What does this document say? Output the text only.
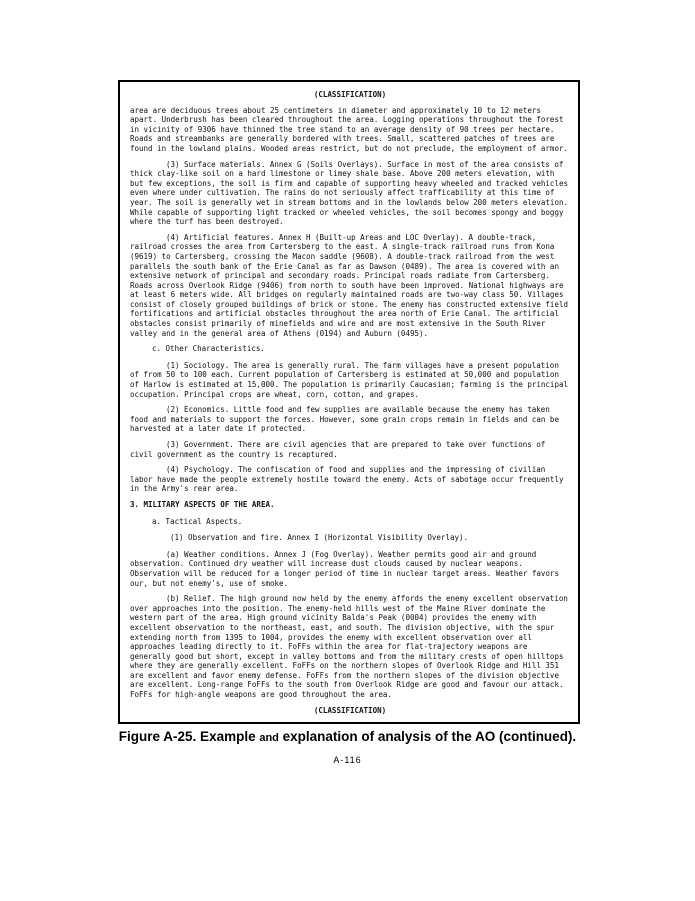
(CLASSIFICATION)

area are deciduous trees about 25 centimeters in diameter and approximately 10 to 12 meters apart. Underbrush has been cleared throughout the area. Logging operations throughout the forest in vicinity of 9306 have thinned the tree stand to an average density of 90 trees per hectare. Roads and streambanks are generally bordered with trees. Small, scattered patches of trees are found in the lowland plains. Wooded areas restrict, but do not preclude, the employment of armor.

(3) Surface materials. Annex G (Soils Overlays). Surface in most of the area consists of thick clay-like soil on a hard limestone or limey shale base. Above 200 meters elevation, with but few exceptions, the soil is firm and capable of supporting heavy wheeled and tracked vehicles even where under cultivation. The rains do not seriously affect trafficability at this time of year. The soil is generally wet in stream bottoms and in the lowlands below 200 meters elevation. While capable of supporting light tracked or wheeled vehicles, the soil becomes spongy and boggy where the turf has been destroyed.

(4) Artificial features. Annex H (Built-up Areas and LOC Overlay). A double-track, railroad crosses the area from Cartersberg to the east. A single-track railroad runs from Kona (9619) to Cartersberg, crossing the Macon saddle (9608). A double-track railroad from the west parallels the south bank of the Erie Canal as far as Dawson (0489). The area is covered with an extensive network of principal and secondary roads. Principal roads radiate from Cartersberg. Roads across Overlook Ridge (9406) from north to south have been improved. National highways are at least 6 meters wide. All bridges on regularly maintained roads are two-way class 50. Villages consist of closely grouped buildings of brick or stone. The enemy has constructed extensive field fortifications and artificial obstacles throughout the area north of Erie Canal. The artificial obstacles consist primarily of minefields and wire and are most extensive in the South River valley and in the general area of Athens (0194) and Auburn (0495).

c. Other Characteristics.

(1) Sociology. The area is generally rural. The farm villages have a present population of from 50 to 100 each. Current population of Cartersberg is estimated at 50,000 and population of Harlow is estimated at 15,000. The population is primarily Caucasian; farming is the principal occupation. Principal crops are wheat, corn, cotton, and grapes.

(2) Economics. Little food and few supplies are available because the enemy has taken food and materials to support the forces. However, some grain crops remain in fields and can be harvested at a later date if protected.

(3) Government. There are civil agencies that are prepared to take over functions of civil government as the country is recaptured.

(4) Psychology. The confiscation of food and supplies and the impressing of civilian labor have made the people extremely hostile toward the enemy. Acts of sabotage occur frequently in the Army's rear area.

3. MILITARY ASPECTS OF THE AREA.
a. Tactical Aspects.
(1) Observation and fire. Annex I (Horizontal Visibility Overlay).

(a) Weather conditions. Annex J (Fog Overlay). Weather permits good air and ground observation. Continued dry weather will increase dust clouds caused by nuclear weapons. Observation will be reduced for a longer period of time in nuclear target areas. Weather favors our, but not enemy's, use of smoke.

(b) Relief. The high ground now held by the enemy affords the enemy excellent observation over approaches into the position. The enemy-held hills west of the Maine River dominate the western part of the area. High ground vicinity Balda's Peak (0004) provides the enemy with excellent observation to the northeast, east, and south. The division objective, with the spur extending north from 1395 to 1004, provides the enemy with excellent observation over all approaches leading directly to it. FoFFs within the area for flat-trajectory weapons are generally good but short, except in valley bottoms and from the military crests of open hilltops where they are generally excellent. FoFFs on the northern slopes of Overlook Ridge and Hill 351 are excellent and favor enemy defense. FoFFs from the northern slopes of the division objective are excellent. Long-range FoFFs to the south from Overlook Ridge are good and favour our attack. FoFFs for high-angle weapons are good throughout the area.

(CLASSIFICATION)
Figure A-25. Example and explanation of analysis of the AO (continued).
A-116
